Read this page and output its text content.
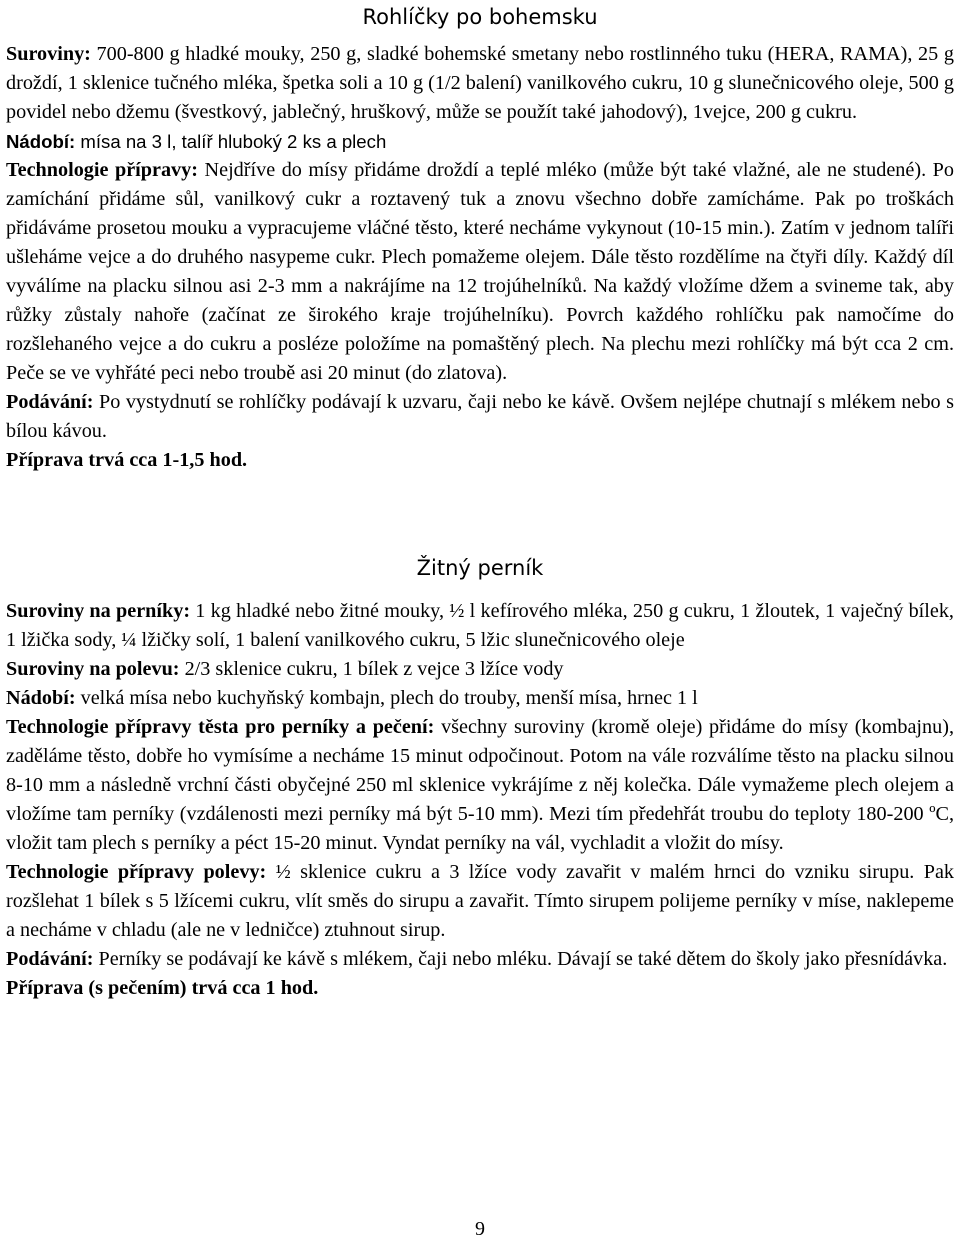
Rohlíčky po bohemsku

Suroviny: 700-800 g hladké mouky, 250 g, sladké bohemské smetany nebo rostlinného tuku (HERA, RAMA), 25 g droždí, 1 sklenice tučného mléka, špetka soli a 10 g (1/2 balení) vanilkového cukru, 10 g slunečnicového oleje, 500 g povidel nebo džemu (švestkový, jablečný, hruškový, může se použít také jahodový), 1vejce, 200 g cukru.

Nádobí: mísa na 3 l, talíř hluboký 2 ks a plech

Technologie přípravy: Nejdříve do mísy přidáme droždí a teplé mléko (může být také vlažné, ale ne studené). Po zamíchání přidáme sůl, vanilkový cukr a roztavený tuk a znovu všechno dobře zamícháme. Pak po troškách přidáváme prosetou mouku a vypracujeme vláčné těsto, které necháme vykynout (10-15 min.). Zatím v jednom talíři ušleháme vejce a do druhého nasypeme cukr. Plech pomažeme olejem. Dále těsto rozdělíme na čtyři díly. Každý díl vyválíme na placku silnou asi 2-3 mm a nakrájíme na 12 trojúhelníků. Na každý vložíme džem a svineme tak, aby růžky zůstaly nahoře (začínat ze širokého kraje trojúhelníku). Povrch každého rohlíčku pak namočíme do rozšlehaného vejce a do cukru a posléze položíme na pomaštěný plech. Na plechu mezi rohlíčky má být cca 2 cm. Peče se ve vyhřáté peci nebo troubě asi 20 minut (do zlatova).

Podávání: Po vystydnutí se rohlíčky podávají k uzvaru, čaji nebo ke kávě. Ovšem nejlépe chutnají s mlékem nebo s bílou kávou.

Příprava trvá cca 1-1,5 hod.

Žitný perník

Suroviny na perníky: 1 kg hladké nebo žitné mouky, ½ l kefírového mléka, 250 g cukru, 1 žloutek, 1 vaječný bílek, 1 lžička sody, ¼ lžičky solí, 1 balení vanilkového cukru, 5 lžic slunečnicového oleje

Suroviny na polevu: 2/3 sklenice cukru, 1 bílek z vejce 3 lžíce vody

Nádobí: velká mísa nebo kuchyňský kombajn, plech do trouby, menší mísa, hrnec 1 l

Technologie přípravy těsta pro perníky a pečení: všechny suroviny (kromě oleje) přidáme do mísy (kombajnu), zaděláme těsto, dobře ho vymísíme a necháme 15 minut odpočinout. Potom na vále rozválíme těsto na placku silnou 8-10 mm a následně vrchní části obyčejné 250 ml sklenice vykrájíme z něj kolečka. Dále vymažeme plech olejem a vložíme tam perníky (vzdálenosti mezi perníky má být 5-10 mm). Mezi tím předehřát troubu do teploty 180-200 ºC, vložit tam plech s perníky a péct 15-20 minut. Vyndat perníky na vál, vychladit a vložit do mísy.

Technologie přípravy polevy: ½ sklenice cukru a 3 lžíce vody zavařit v malém hrnci do vzniku sirupu. Pak rozšlehat 1 bílek s 5 lžícemi cukru, vlít směs do sirupu a zavařit. Tímto sirupem polijeme perníky v míse, naklepeme a necháme v chladu (ale ne v ledničce) ztuhnout sirup.

Podávání: Perníky se podávají ke kávě s mlékem, čaji nebo mléku. Dávají se také dětem do školy jako přesnídávka.

Příprava (s pečením) trvá cca 1 hod.

9
